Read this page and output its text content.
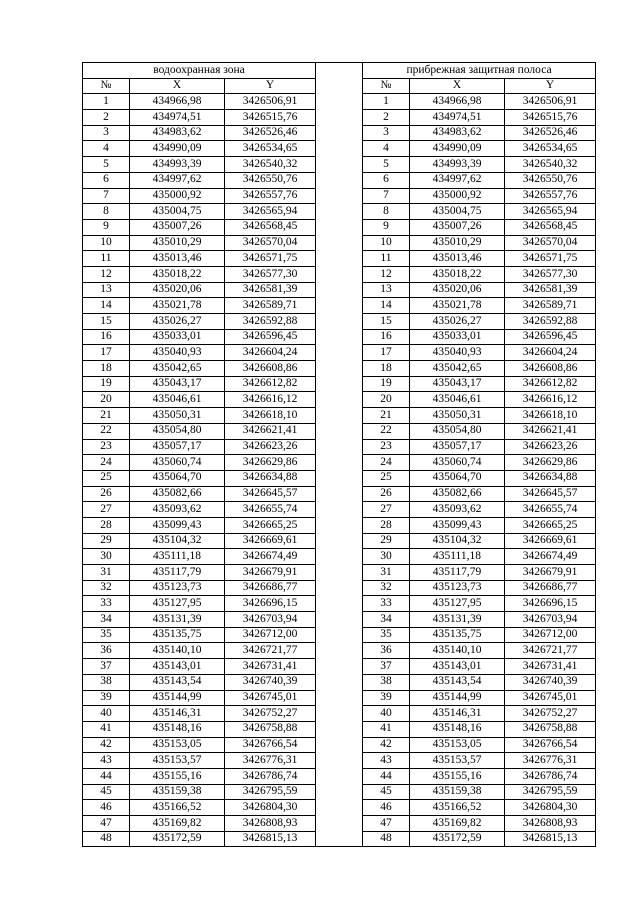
водоохранная зона		
№	X	Y
1	434966,98	3426506,91
2	434974,51	3426515,76
3	434983,62	3426526,46
4	434990,09	3426534,65
5	434993,39	3426540,32
6	434997,62	3426550,76
7	435000,92	3426557,76
8	435004,75	3426565,94
9	435007,26	3426568,45
10	435010,29	3426570,04
11	435013,46	3426571,75
12	435018,22	3426577,30
13	435020,06	3426581,39
14	435021,78	3426589,71
15	435026,27	3426592,88
16	435033,01	3426596,45
17	435040,93	3426604,24
18	435042,65	3426608,86
19	435043,17	3426612,82
20	435046,61	3426616,12
21	435050,31	3426618,10
22	435054,80	3426621,41
23	435057,17	3426623,26
24	435060,74	3426629,86
25	435064,70	3426634,88
26	435082,66	3426645,57
27	435093,62	3426655,74
28	435099,43	3426665,25
29	435104,32	3426669,61
30	435111,18	3426674,49
31	435117,79	3426679,91
32	435123,73	3426686,77
33	435127,95	3426696,15
34	435131,39	3426703,94
35	435135,75	3426712,00
36	435140,10	3426721,77
37	435143,01	3426731,41
38	435143,54	3426740,39
39	435144,99	3426745,01
40	435146,31	3426752,27
41	435148,16	3426758,88
42	435153,05	3426766,54
43	435153,57	3426776,31
44	435155,16	3426786,74
45	435159,38	3426795,59
46	435166,52	3426804,30
47	435169,82	3426808,93
48	435172,59	3426815,13
прибрежная защитная полоса		
№	X	Y
1	434966,98	3426506,91
2	434974,51	3426515,76
3	434983,62	3426526,46
4	434990,09	3426534,65
5	434993,39	3426540,32
6	434997,62	3426550,76
7	435000,92	3426557,76
8	435004,75	3426565,94
9	435007,26	3426568,45
10	435010,29	3426570,04
11	435013,46	3426571,75
12	435018,22	3426577,30
13	435020,06	3426581,39
14	435021,78	3426589,71
15	435026,27	3426592,88
16	435033,01	3426596,45
17	435040,93	3426604,24
18	435042,65	3426608,86
19	435043,17	3426612,82
20	435046,61	3426616,12
21	435050,31	3426618,10
22	435054,80	3426621,41
23	435057,17	3426623,26
24	435060,74	3426629,86
25	435064,70	3426634,88
26	435082,66	3426645,57
27	435093,62	3426655,74
28	435099,43	3426665,25
29	435104,32	3426669,61
30	435111,18	3426674,49
31	435117,79	3426679,91
32	435123,73	3426686,77
33	435127,95	3426696,15
34	435131,39	3426703,94
35	435135,75	3426712,00
36	435140,10	3426721,77
37	435143,01	3426731,41
38	435143,54	3426740,39
39	435144,99	3426745,01
40	435146,31	3426752,27
41	435148,16	3426758,88
42	435153,05	3426766,54
43	435153,57	3426776,31
44	435155,16	3426786,74
45	435159,38	3426795,59
46	435166,52	3426804,30
47	435169,82	3426808,93
48	435172,59	3426815,13
